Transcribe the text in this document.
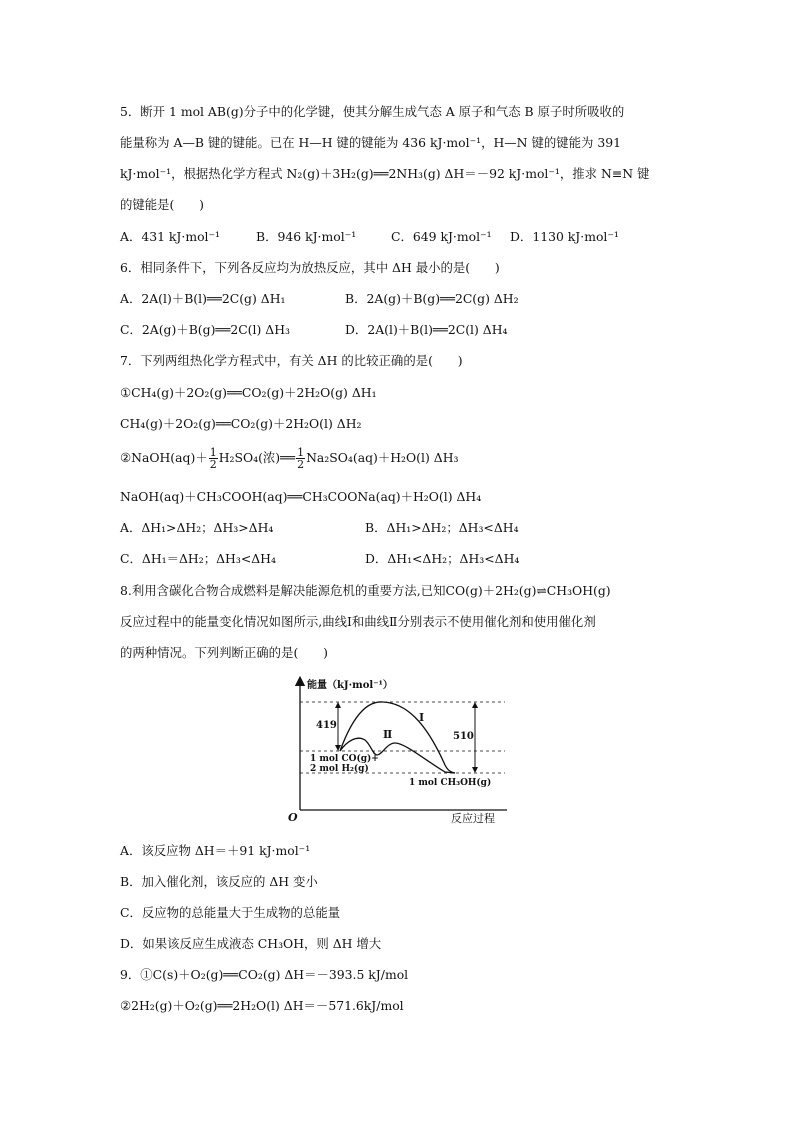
5．断开 1 mol AB(g)分子中的化学键，使其分解生成气态 A 原子和气态 B 原子时所吸收的
能量称为 A—B 键的键能。已在 H—H 键的键能为 436 kJ·mol⁻¹，H—N 键的键能为 391
kJ·mol⁻¹，根据热化学方程式 N₂(g)＋3H₂(g)══2NH₃(g) ΔH＝－92 kJ·mol⁻¹，推求 N≡N 键
的键能是(　　)
A．431 kJ·mol⁻¹	B．946 kJ·mol⁻¹	C．649 kJ·mol⁻¹ D．1130 kJ·mol⁻¹
6．相同条件下，下列各反应均为放热反应，其中 ΔH 最小的是(　　)
A．2A(l)＋B(l)══2C(g) ΔH₁	B．2A(g)＋B(g)══2C(g) ΔH₂
C．2A(g)＋B(g)══2C(l) ΔH₃	D．2A(l)＋B(l)══2C(l) ΔH₄
7．下列两组热化学方程式中，有关 ΔH 的比较正确的是(　　)
①CH₄(g)＋2O₂(g)══CO₂(g)＋2H₂O(g) ΔH₁
CH₄(g)＋2O₂(g)══CO₂(g)＋2H₂O(l) ΔH₂
②NaOH(aq)＋ $\frac{1}{2} H_2SO_4$(浓)══ $\frac{1}{2} Na_2SO_4(aq)+H_2O(l)$ ΔH₃
NaOH(aq)＋CH₃COOH(aq)══CH₃COONa(aq)＋H₂O(l) ΔH₄
A．ΔH₁>ΔH₂；ΔH₃>ΔH₄	B．ΔH₁>ΔH₂；ΔH₃<ΔH₄
C．ΔH₁＝ΔH₂；ΔH₃<ΔH₄	D．ΔH₁<ΔH₂；ΔH₃<ΔH₄
8.利用含碳化合物合成燃料是解决能源危机的重要方法,已知CO(g)＋2H₂(g)⇌CH₃OH(g)
反应过程中的能量变化情况如图所示,曲线Ⅰ和曲线Ⅱ分别表示不使用催化剂和使用催化剂
的两种情况。下列判断正确的是(　　)
能量（kJ·mol⁻¹）
O	反应过程
419
510
Ⅰ
Ⅱ
1 mol CO(g)+
2 mol H₂(g)
1 mol CH₃OH(g)
A．该反应物 ΔH＝＋91 kJ·mol⁻¹
B．加入催化剂，该反应的 ΔH 变小
C．反应物的总能量大于生成物的总能量
D．如果该反应生成液态 CH₃OH，则 ΔH 增大
9．①C(s)＋O₂(g)══CO₂(g) ΔH＝－393.5 kJ/mol
②2H₂(g)＋O₂(g)══2H₂O(l) ΔH＝－571.6kJ/mol
